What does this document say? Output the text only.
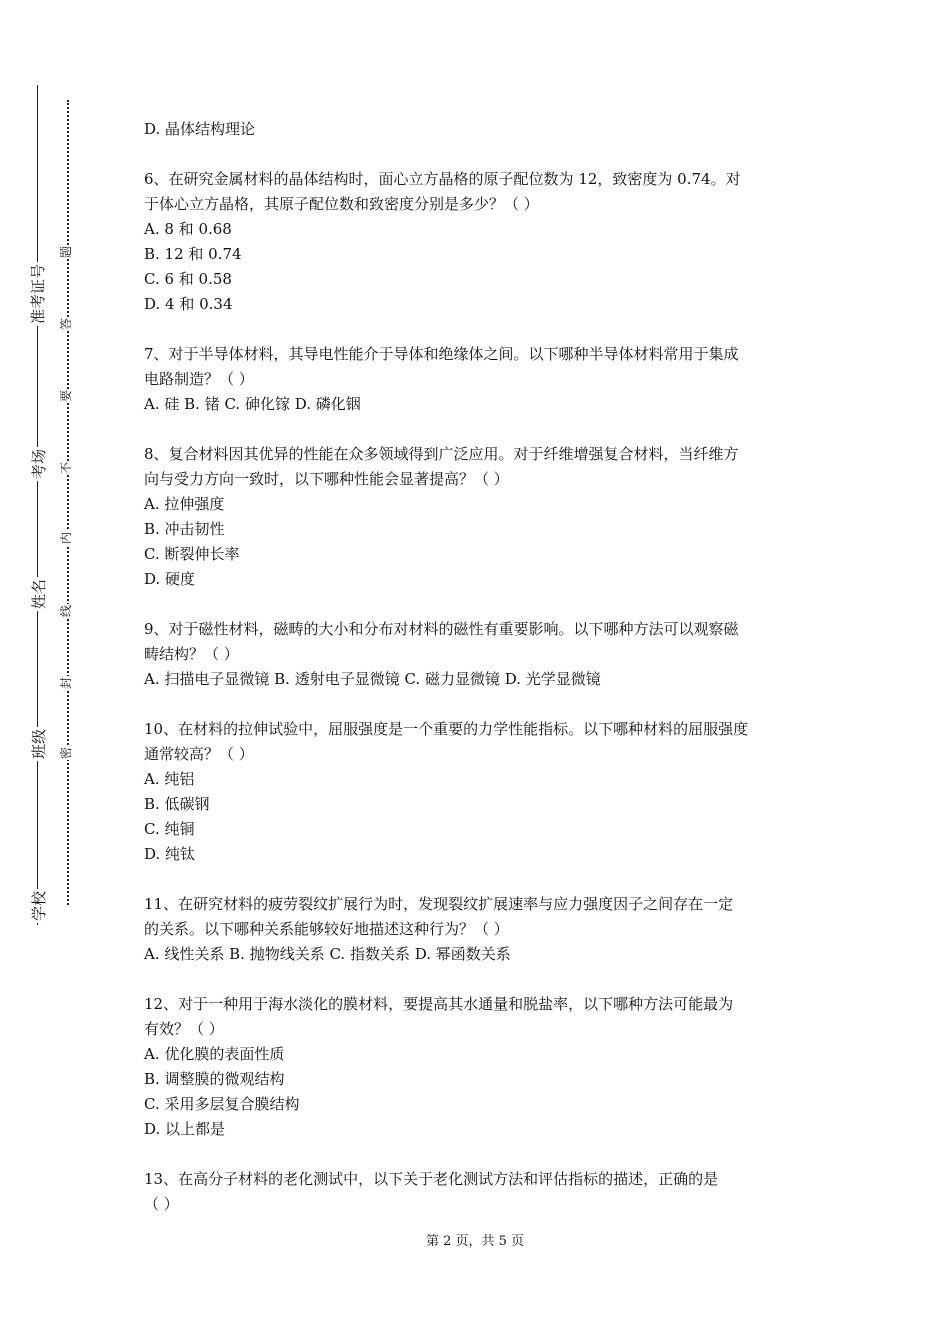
学校
班级
姓名
考场
准考证号
密
封
线
内
不
要
答
题

D. 晶体结构理论

6、在研究金属材料的晶体结构时，面心立方晶格的原子配位数为 12，致密度为 0.74。对

于体心立方晶格，其原子配位数和致密度分别是多少？（ ）

A. 8 和 0.68

B. 12 和 0.74

C. 6 和 0.58

D. 4 和 0.34

7、对于半导体材料，其导电性能介于导体和绝缘体之间。以下哪种半导体材料常用于集成

电路制造？（ ）

A. 硅 B. 锗 C. 砷化镓 D. 磷化铟

8、复合材料因其优异的性能在众多领域得到广泛应用。对于纤维增强复合材料，当纤维方

向与受力方向一致时，以下哪种性能会显著提高？（ ）

A. 拉伸强度

B. 冲击韧性

C. 断裂伸长率

D. 硬度

9、对于磁性材料，磁畴的大小和分布对材料的磁性有重要影响。以下哪种方法可以观察磁

畴结构？（ ）

A. 扫描电子显微镜 B. 透射电子显微镜 C. 磁力显微镜 D. 光学显微镜

10、在材料的拉伸试验中，屈服强度是一个重要的力学性能指标。以下哪种材料的屈服强度

通常较高？（ ）

A. 纯铝

B. 低碳钢

C. 纯铜

D. 纯钛

11、在研究材料的疲劳裂纹扩展行为时，发现裂纹扩展速率与应力强度因子之间存在一定

的关系。以下哪种关系能够较好地描述这种行为？（ ）

A. 线性关系 B. 抛物线关系 C. 指数关系 D. 幂函数关系

12、对于一种用于海水淡化的膜材料，要提高其水通量和脱盐率，以下哪种方法可能最为

有效？（ ）

A. 优化膜的表面性质

B. 调整膜的微观结构

C. 采用多层复合膜结构

D. 以上都是

13、在高分子材料的老化测试中，以下关于老化测试方法和评估指标的描述，正确的是

（ ）

第 2 页，共 5 页
